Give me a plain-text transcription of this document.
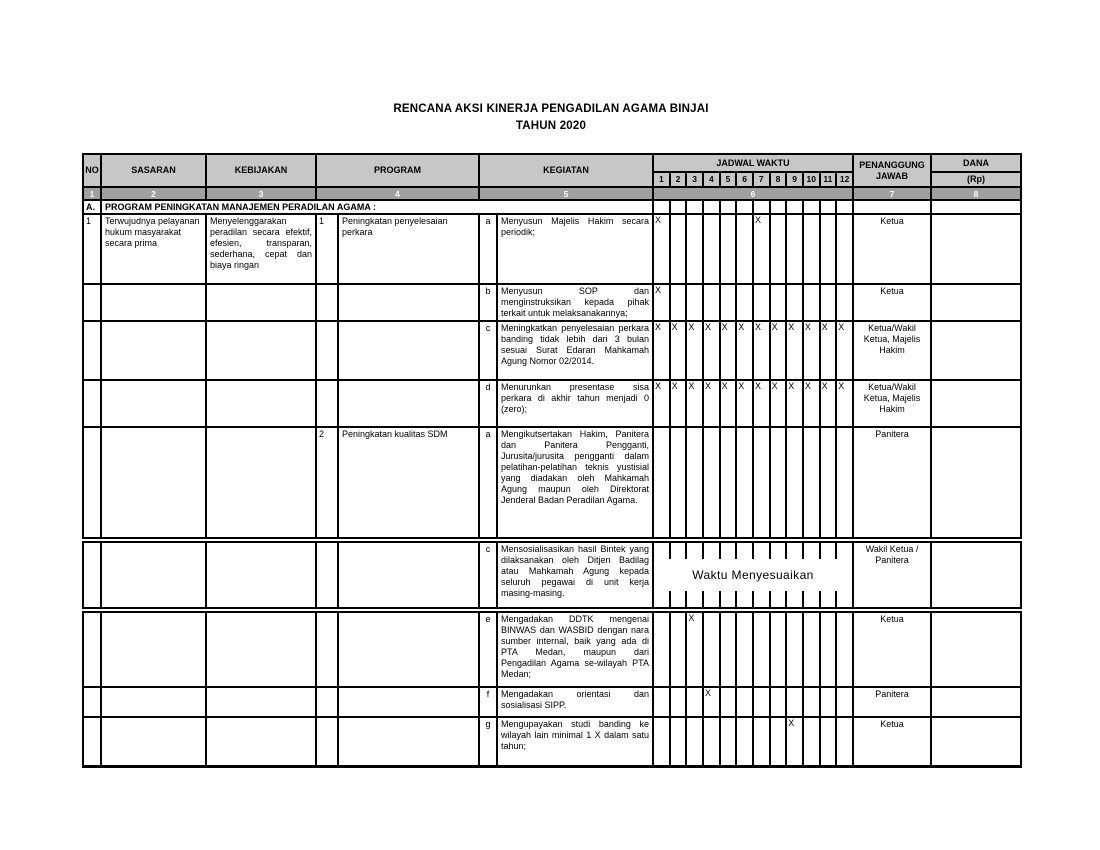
RENCANA AKSI KINERJA PENGADILAN AGAMA BINJAI
TAHUN 2020
NO	SASARAN	KEBIJAKAN	PROGRAM		KEGIATAN		JADWAL WAKTU												PENANGGUNG JAWAB	DANA
							1	2	3	4	5	6	7	8	9	10	11	12		(Rp)
1	2	3	4		5		6												7	8
A.	PROGRAM PENINGKATAN MANAJEMEN PERADILAN AGAMA :																			
1	Terwujudnya pelayanan hukum masyarakat secara prima	Menyelenggarakan peradilan secara efektif, efesien, transparan, sederhana, cepat dan biaya ringan	1	Peningkatan penyelesaian perkara	a	Menyusun Majelis Hakim secara periodik;	X						X						Ketua	
					b	Menyusun SOP dan menginstruksikan kepada pihak terkait untuk melaksanakannya;	X												Ketua	
					c	Meningkatkan penyelesaian perkara banding tidak lebih dari 3 bulan sesuai Surat Edaran Mahkamah Agung Nomor 02/2014.	X	X	X	X	X	X	X	X	X	X	X	X	Ketua/Wakil Ketua, Majelis Hakim	
					d	Menurunkan presentase sisa perkara di akhir tahun menjadi 0 (zero);	X	X	X	X	X	X	X	X	X	X	X	X	Ketua/Wakil Ketua, Majelis Hakim	
			2	Peningkatan kualitas SDM	a	Mengikutsertakan Hakim, Panitera dan Panitera Pengganti, Jurusita/jurusita pengganti dalam pelatihan-pelatihan teknis yustisial yang diadakan oleh Mahkamah Agung maupun oleh Direktorat Jenderal Badan Peradilan Agama.													Panitera	
					c	Mensosialisasikan hasil Bintek yang dilaksanakan oleh Ditjen Badilag atau Mahkamah Agung kepada seluruh pegawai di unit kerja masing-masing.	Waktu Menyesuaikan												Wakil Ketua / Panitera	
					e	Mengadakan DDTK mengenai BINWAS dan WASBID dengan nara sumber internal, baik yang ada di PTA Medan, maupun dari Pengadilan Agama se-wilayah PTA Medan;			X										Ketua	
					f	Mengadakan orientasi dan sosialisasi SIPP.				X									Panitera	
					g	Mengupayakan studi banding ke wilayah lain minimal 1 X dalam satu tahun;									X				Ketua	
